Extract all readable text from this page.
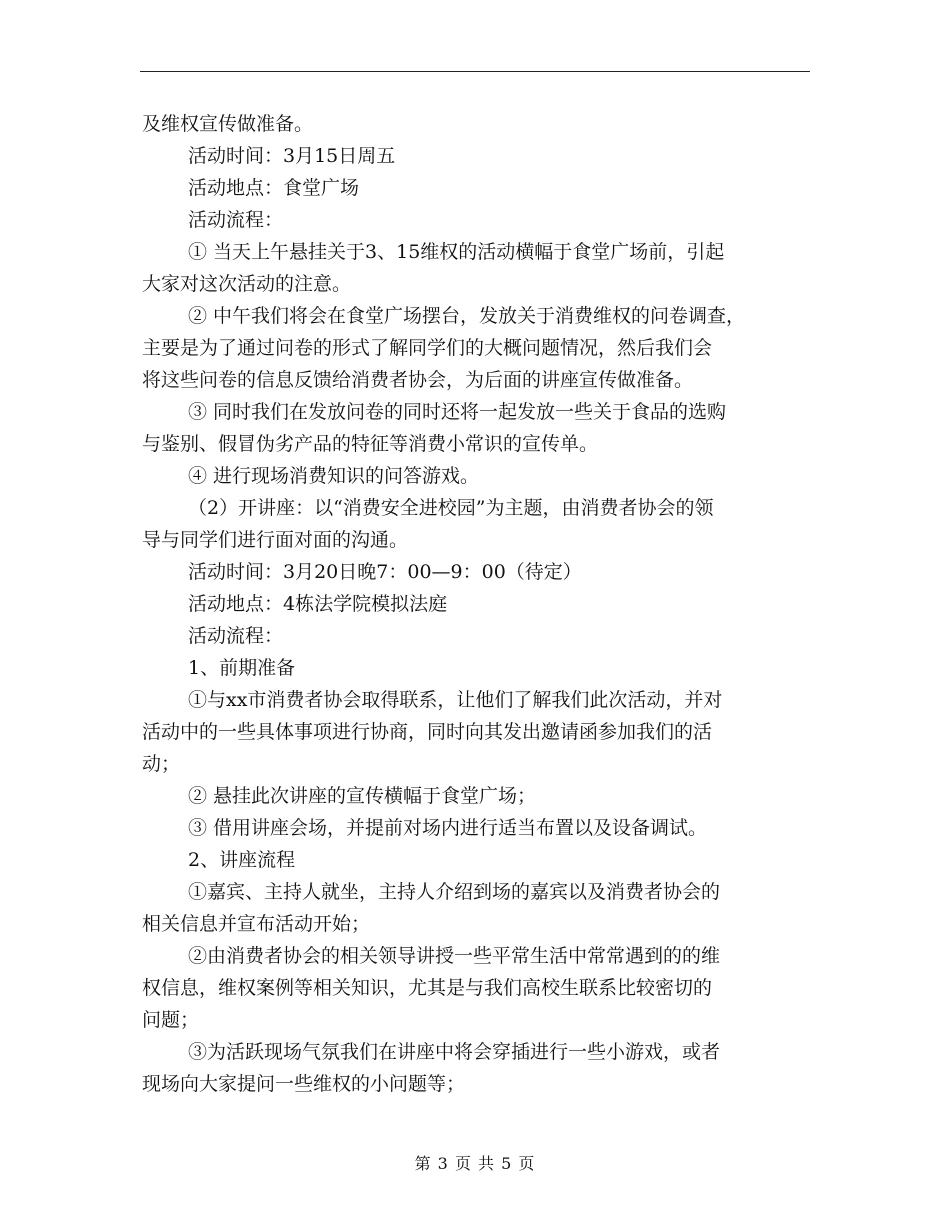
及维权宣传做准备。
活动时间：3月15日周五
活动地点：食堂广场
活动流程：
① 当天上午悬挂关于3、15维权的活动横幅于食堂广场前，引起
大家对这次活动的注意。
② 中午我们将会在食堂广场摆台，发放关于消费维权的问卷调查，
主要是为了通过问卷的形式了解同学们的大概问题情况，然后我们会
将这些问卷的信息反馈给消费者协会，为后面的讲座宣传做准备。
③ 同时我们在发放问卷的同时还将一起发放一些关于食品的选购
与鉴别、假冒伪劣产品的特征等消费小常识的宣传单。
④ 进行现场消费知识的问答游戏。
（2）开讲座：以“消费安全进校园”为主题，由消费者协会的领
导与同学们进行面对面的沟通。
活动时间：3月20日晚7：00—9：00（待定）
活动地点：4栋法学院模拟法庭
活动流程：
1、前期准备
①与xx市消费者协会取得联系，让他们了解我们此次活动，并对
活动中的一些具体事项进行协商，同时向其发出邀请函参加我们的活
动；
② 悬挂此次讲座的宣传横幅于食堂广场；
③ 借用讲座会场，并提前对场内进行适当布置以及设备调试。
2、讲座流程
①嘉宾、主持人就坐，主持人介绍到场的嘉宾以及消费者协会的
相关信息并宣布活动开始；
②由消费者协会的相关领导讲授一些平常生活中常常遇到的的维
权信息，维权案例等相关知识，尤其是与我们高校生联系比较密切的
问题；
③为活跃现场气氛我们在讲座中将会穿插进行一些小游戏，或者
现场向大家提问一些维权的小问题等；
第 3 页 共 5 页
